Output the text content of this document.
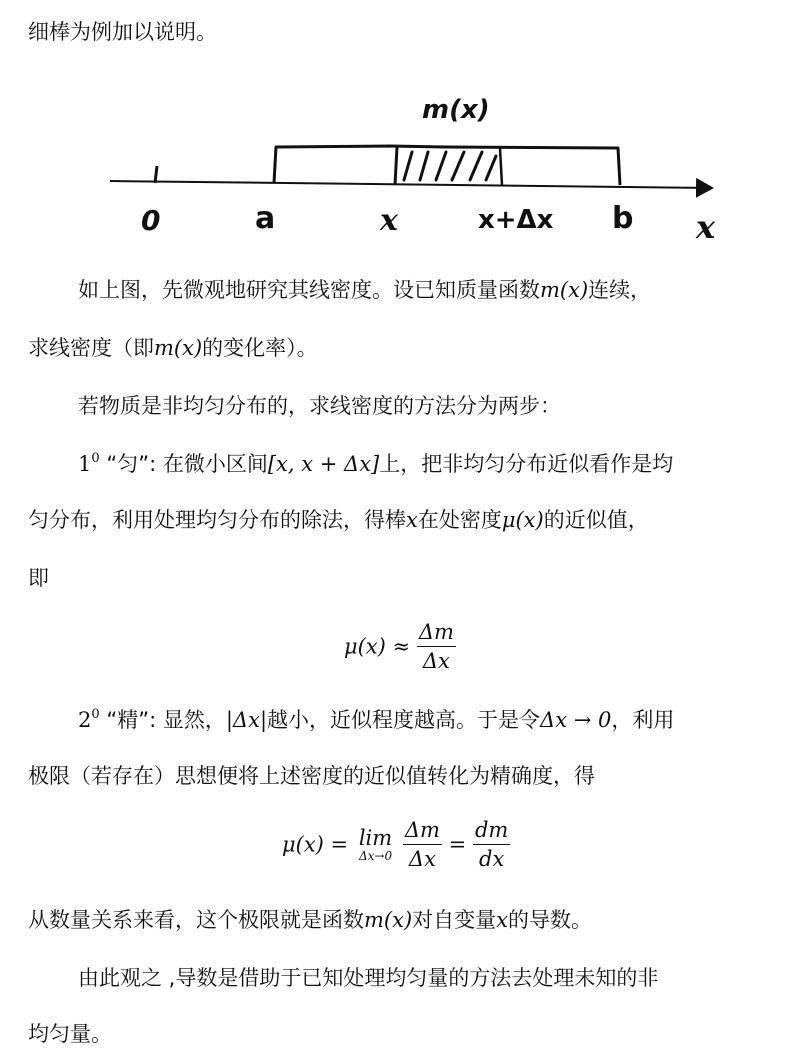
细棒为例加以说明。
m(x)
0	a	x	x+Δx b x
如上图，先微观地研究其线密度。设已知质量函数m(x)连续，
求线密度（即m(x)的变化率）。
若物质是非均匀分布的，求线密度的方法分为两步：
$1^0$ “匀”: 在微小区间[x, x + Δx]上，把非均匀分布近似看作是均
匀分布，利用处理均匀分布的除法，得棒x在处密度μ(x)的近似值，
即
$\mu(x) \approx \frac{\Delta m}{\Delta x}$
$2^0$ “精”: 显然，|Δx|越小，近似程度越高。于是令Δx → 0，利用
极限（若存在）思想便将上述密度的近似值转化为精确度，得
μ(x) = lim
Δx→0
$\frac{\Delta m}{\Delta x} = \frac{dm}{dx}$
从数量关系来看，这个极限就是函数m(x)对自变量x的导数。
由此观之 ,导数是借助于已知处理均匀量的方法去处理未知的非
均匀量。
